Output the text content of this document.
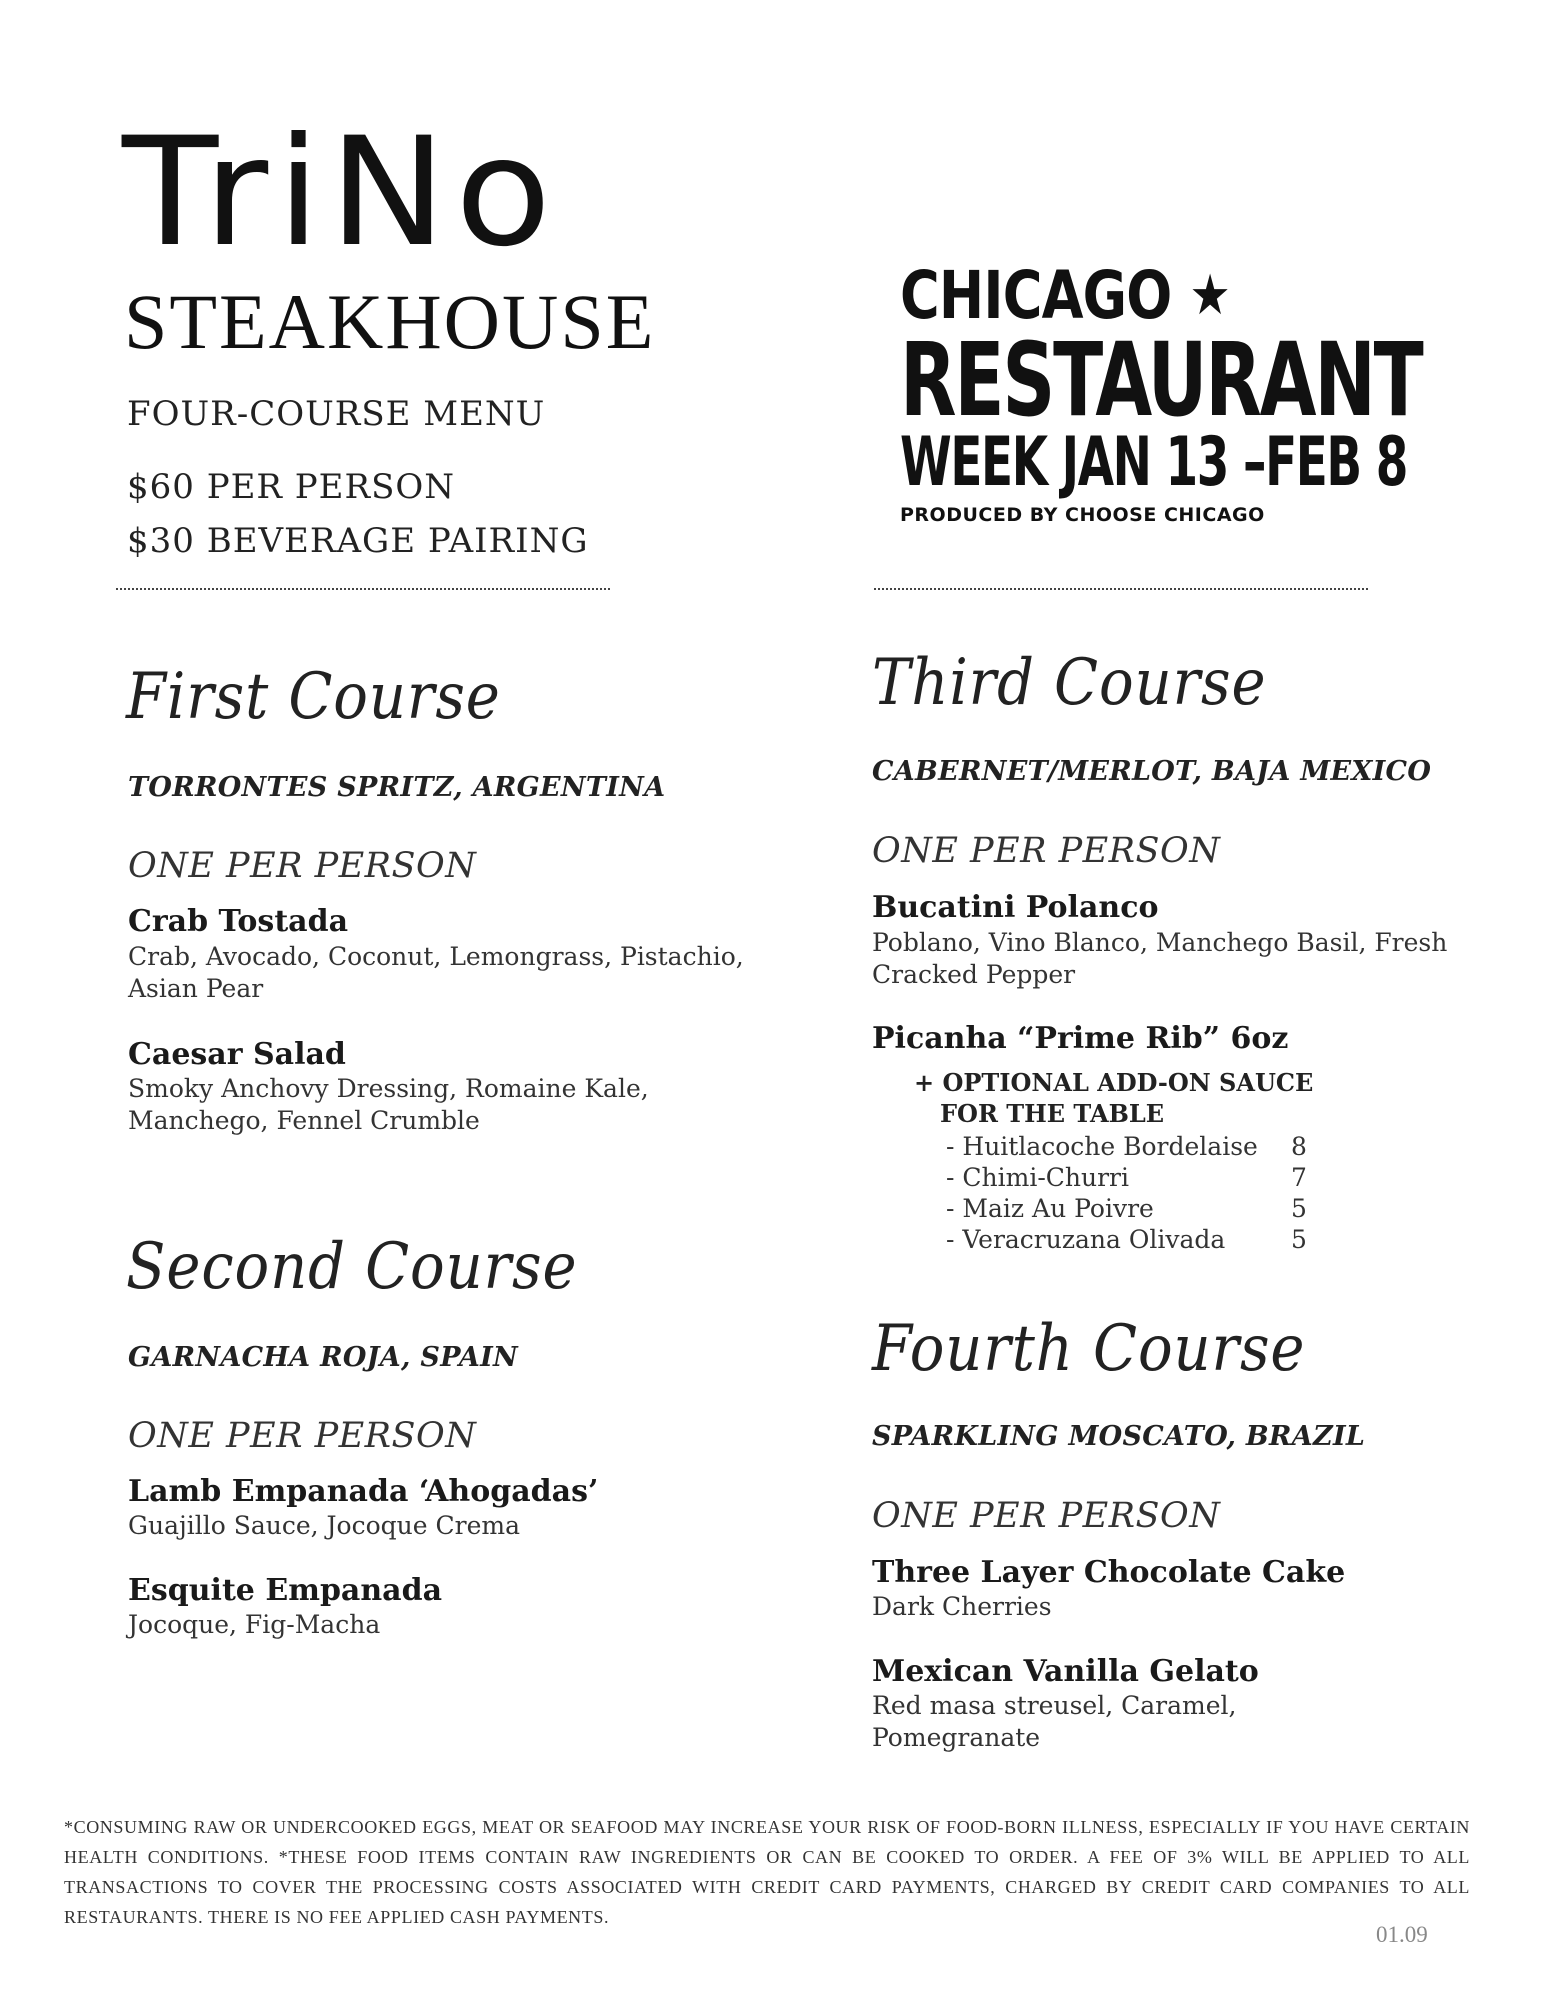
TriNo
STEAKHOUSE
FOUR-COURSE MENU
$60 PER PERSON
$30 BEVERAGE PAIRING
CHICAGO ★
RESTAURANT
WEEK JAN 13 –FEB 8
PRODUCED BY CHOOSE CHICAGO
First Course
TORRONTES SPRITZ, ARGENTINA
ONE PER PERSON
Crab Tostada
Crab, Avocado, Coconut, Lemongrass, Pistachio, Asian Pear
Caesar Salad
Smoky Anchovy Dressing, Romaine Kale, Manchego, Fennel Crumble
Second Course
GARNACHA ROJA, SPAIN
ONE PER PERSON
Lamb Empanada ‘Ahogadas’
Guajillo Sauce, Jocoque Crema
Esquite Empanada
Jocoque, Fig-Macha
Third Course
CABERNET/MERLOT, BAJA MEXICO
ONE PER PERSON
Bucatini Polanco
Poblano, Vino Blanco, Manchego Basil, Fresh Cracked Pepper
Picanha “Prime Rib” 6oz
+ OPTIONAL ADD-ON SAUCE
FOR THE TABLE
- Huitlacoche Bordelaise 8
- Chimi-Churri	7
- Maiz Au Poivre	5
- Veracruzana Olivada	5
Fourth Course
SPARKLING MOSCATO, BRAZIL
ONE PER PERSON
Three Layer Chocolate Cake
Dark Cherries
Mexican Vanilla Gelato
Red masa streusel, Caramel, Pomegranate
*CONSUMING RAW OR UNDERCOOKED EGGS, MEAT OR SEAFOOD MAY INCREASE YOUR RISK OF FOOD-BORN ILLNESS, ESPECIALLY IF YOU HAVE CERTAIN HEALTH CONDITIONS. *THESE FOOD ITEMS CONTAIN RAW INGREDIENTS OR CAN BE COOKED TO ORDER. A FEE OF 3% WILL BE APPLIED TO ALL TRANSACTIONS TO COVER THE PROCESSING COSTS ASSOCIATED WITH CREDIT CARD PAYMENTS, CHARGED BY CREDIT CARD COMPANIES TO ALL RESTAURANTS. THERE IS NO FEE APPLIED CASH PAYMENTS.
01.09
